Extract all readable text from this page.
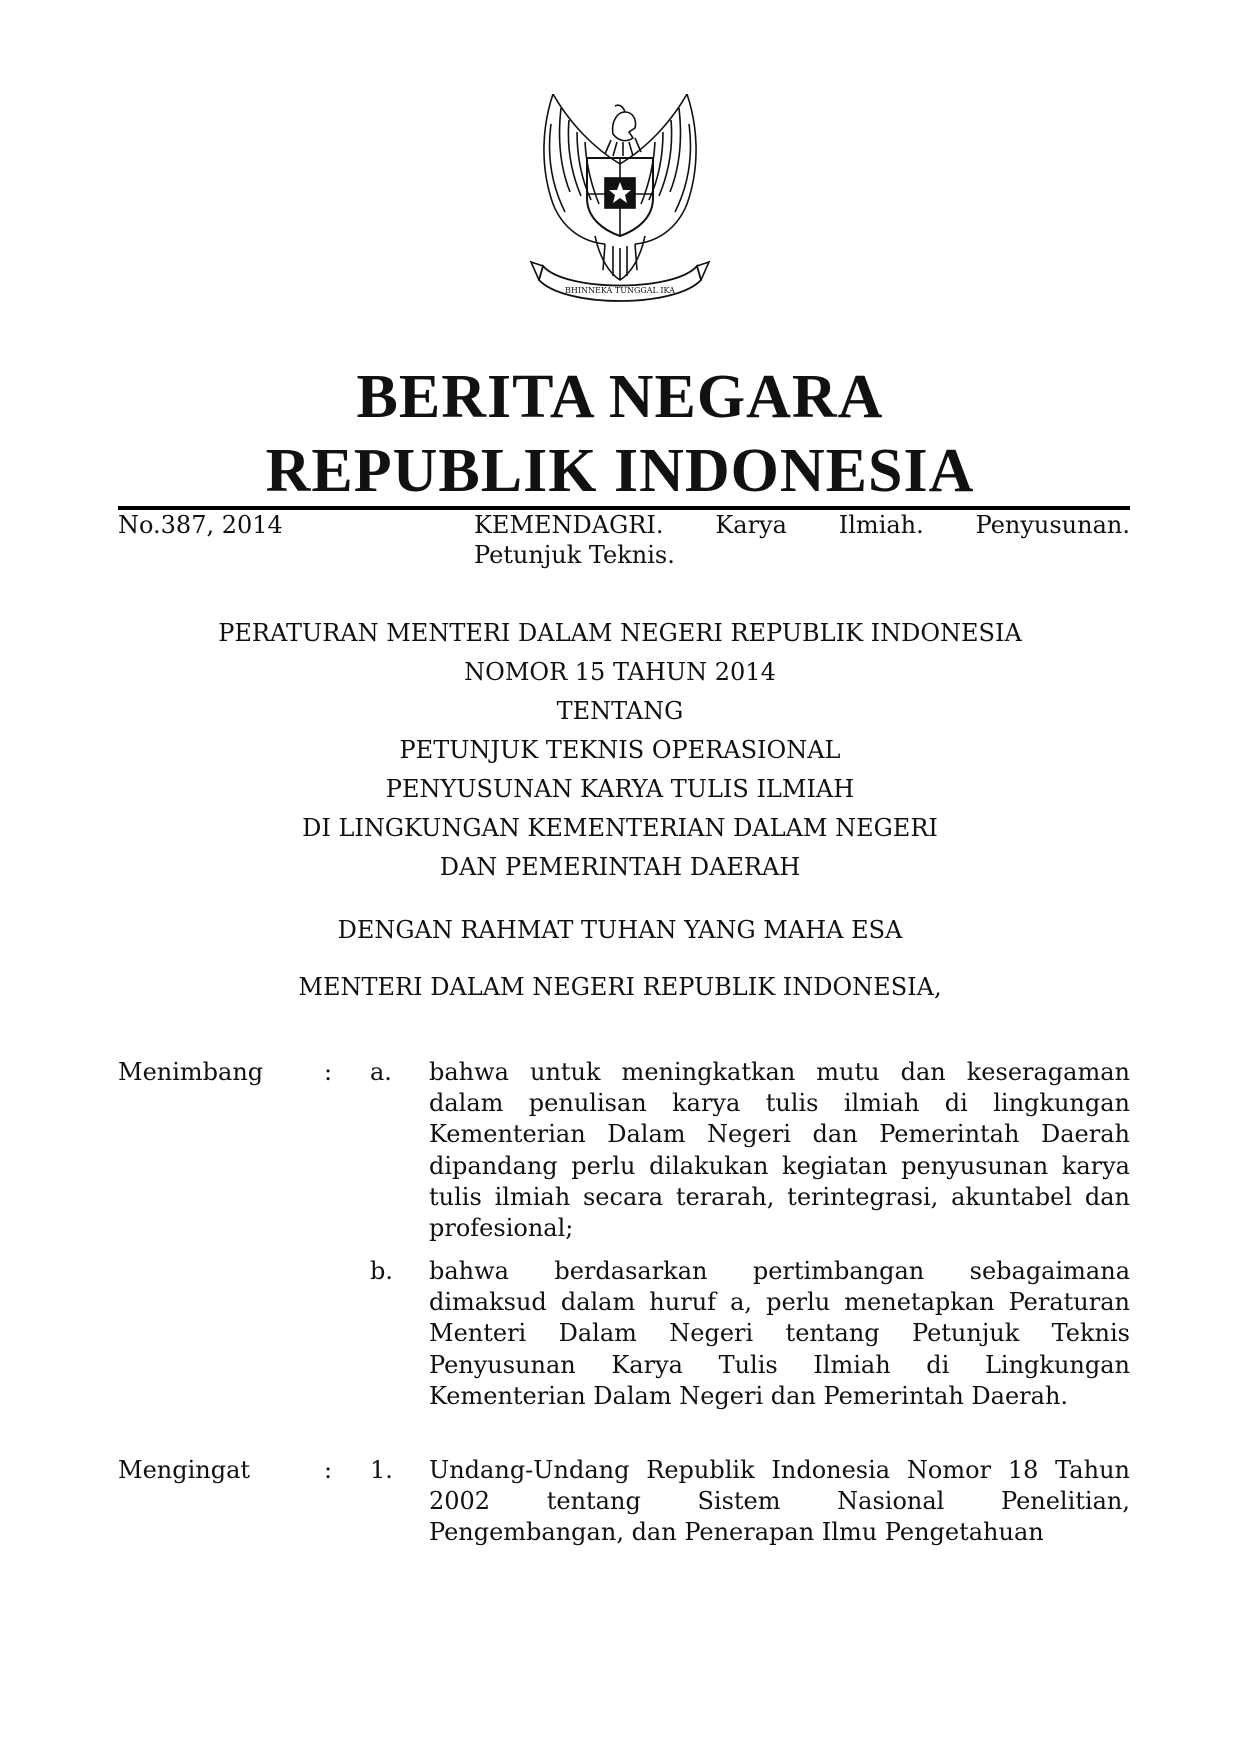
BHINNEKA TUNGGAL IKA
BERITA NEGARA
REPUBLIK INDONESIA
No.387, 2014	KEMENDAGRI. Karya Ilmiah. Penyusunan.
Petunjuk Teknis.
PERATURAN MENTERI DALAM NEGERI REPUBLIK INDONESIA
NOMOR 15 TAHUN 2014
TENTANG
PETUNJUK TEKNIS OPERASIONAL
PENYUSUNAN KARYA TULIS ILMIAH
DI LINGKUNGAN KEMENTERIAN DALAM NEGERI
DAN PEMERINTAH DAERAH
DENGAN RAHMAT TUHAN YANG MAHA ESA
MENTERI DALAM NEGERI REPUBLIK INDONESIA,
Menimbang	: a. bahwa untuk meningkatkan mutu dan keseragaman dalam penulisan karya tulis ilmiah di lingkungan Kementerian Dalam Negeri dan Pemerintah Daerah dipandang perlu dilakukan kegiatan penyusunan karya tulis ilmiah secara terarah, terintegrasi, akuntabel dan profesional;
b. bahwa berdasarkan pertimbangan sebagaimana dimaksud dalam huruf a, perlu menetapkan Peraturan Menteri Dalam Negeri tentang Petunjuk Teknis Penyusunan Karya Tulis Ilmiah di Lingkungan Kementerian Dalam Negeri dan Pemerintah Daerah.
Mengingat	: 1. Undang-Undang Republik Indonesia Nomor 18 Tahun 2002 tentang Sistem Nasional Penelitian, Pengembangan, dan Penerapan Ilmu Pengetahuan
